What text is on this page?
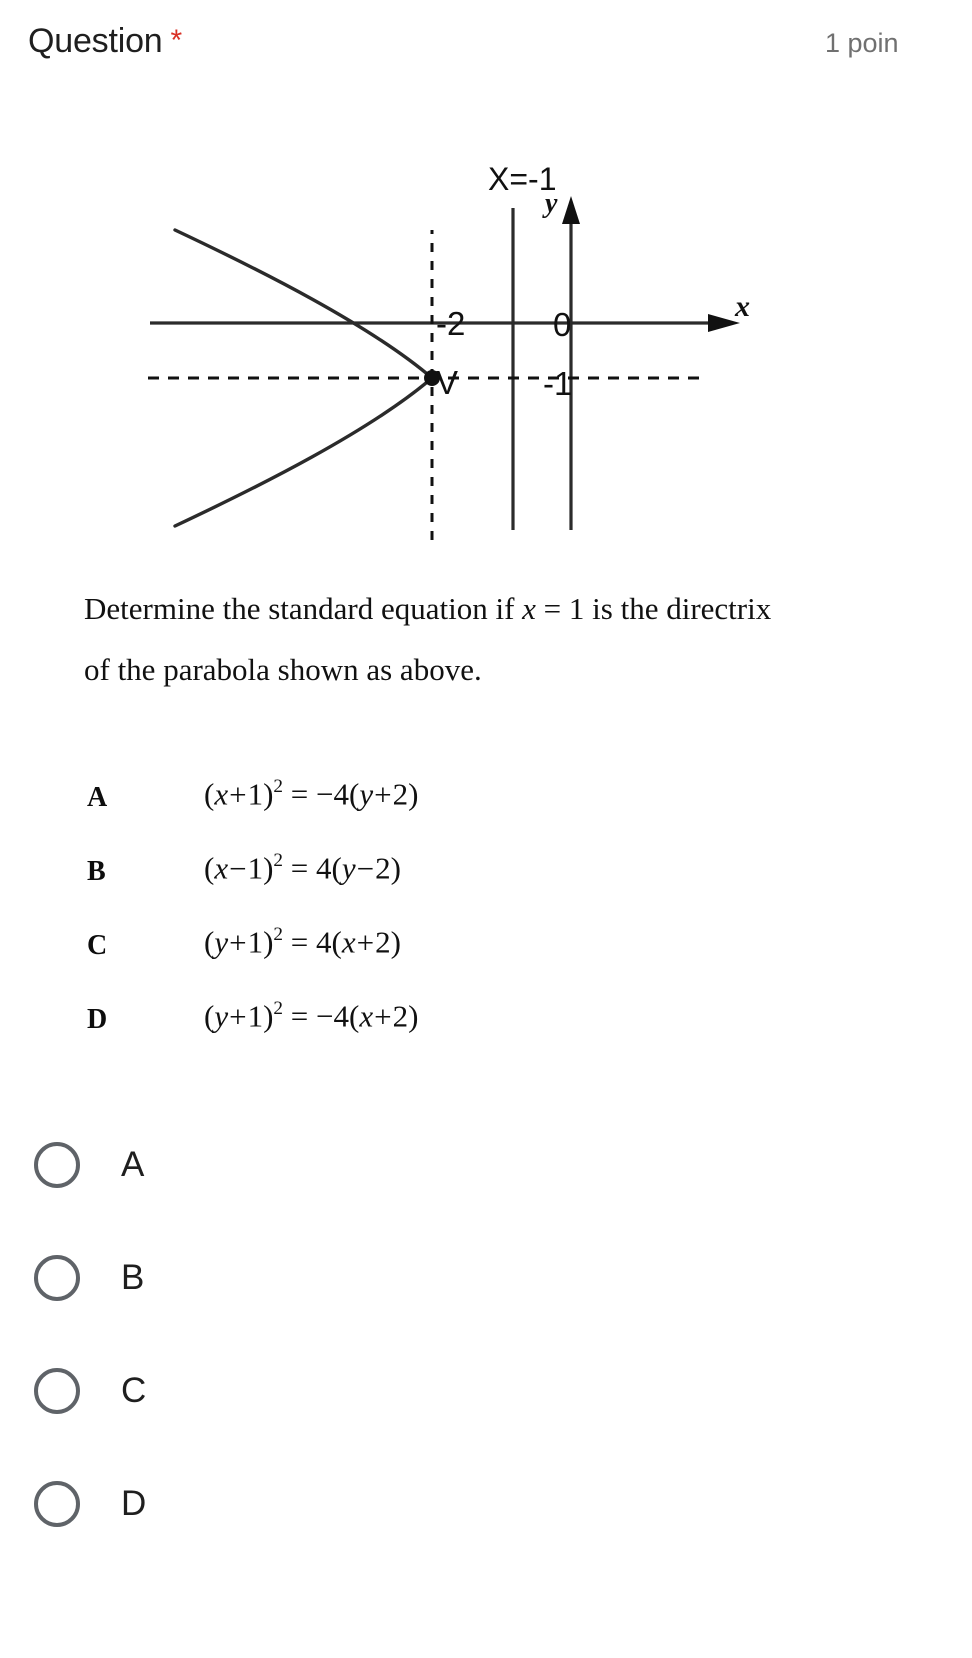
Question *	1 poin
X=-1
y
x
-2	0
-1
V
Determine the standard equation if x = 1 is the directrix
of the parabola shown as above.
A	$(x+1)^2 = -4(y+2)$
B	$(x-1)^2 = 4(y-2)$
C	$(y+1)^2 = 4(x+2)$
D	$(y+1)^2 = -4(x+2)$
A
B
C
D
